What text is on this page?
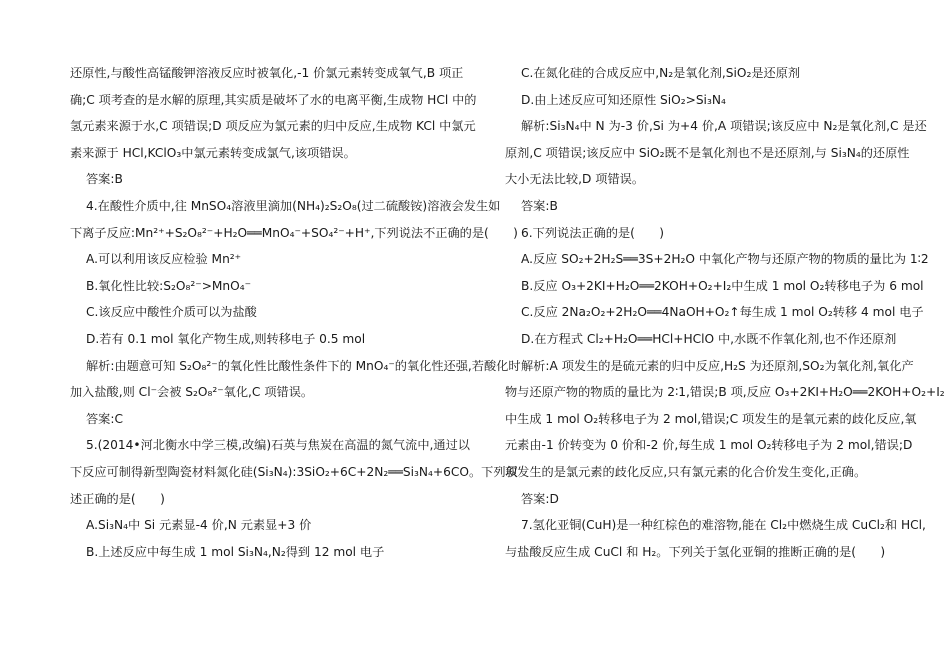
还原性,与酸性高锰酸钾溶液反应时被氧化,-1 价氯元素转变成氧气,B 项正
确;C 项考查的是水解的原理,其实质是破坏了水的电离平衡,生成物 HCl 中的
氢元素来源于水,C 项错误;D 项反应为氯元素的归中反应,生成物 KCl 中氯元
素来源于 HCl,KClO₃中氯元素转变成氯气,该项错误。
答案:B
4.在酸性介质中,往 MnSO₄溶液里滴加(NH₄)₂S₂O₈(过二硫酸铵)溶液会发生如
下离子反应:Mn²⁺+S₂O₈²⁻+H₂O══MnO₄⁻+SO₄²⁻+H⁺,下列说法不正确的是(　　)
A.可以利用该反应检验 Mn²⁺
B.氧化性比较:S₂O₈²⁻>MnO₄⁻
C.该反应中酸性介质可以为盐酸
D.若有 0.1 mol 氧化产物生成,则转移电子 0.5 mol
解析:由题意可知 S₂O₈²⁻的氧化性比酸性条件下的 MnO₄⁻的氧化性还强,若酸化时
加入盐酸,则 Cl⁻会被 S₂O₈²⁻氧化,C 项错误。
答案:C
5.(2014•河北衡水中学三模,改编)石英与焦炭在高温的氮气流中,通过以
下反应可制得新型陶瓷材料氮化硅(Si₃N₄):3SiO₂+6C+2N₂══Si₃N₄+6CO。下列叙
述正确的是(　　)
A.Si₃N₄中 Si 元素显-4 价,N 元素显+3 价
B.上述反应中每生成 1 mol Si₃N₄,N₂得到 12 mol 电子
C.在氮化硅的合成反应中,N₂是氧化剂,SiO₂是还原剂
D.由上述反应可知还原性 SiO₂>Si₃N₄
解析:Si₃N₄中 N 为-3 价,Si 为+4 价,A 项错误;该反应中 N₂是氧化剂,C 是还
原剂,C 项错误;该反应中 SiO₂既不是氧化剂也不是还原剂,与 Si₃N₄的还原性
大小无法比较,D 项错误。
答案:B
6.下列说法正确的是(　　)
A.反应 SO₂+2H₂S══3S+2H₂O 中氧化产物与还原产物的物质的量比为 1∶2
B.反应 O₃+2KI+H₂O══2KOH+O₂+I₂中生成 1 mol O₂转移电子为 6 mol
C.反应 2Na₂O₂+2H₂O══4NaOH+O₂↑每生成 1 mol O₂转移 4 mol 电子
D.在方程式 Cl₂+H₂O══HCl+HClO 中,水既不作氧化剂,也不作还原剂
解析:A 项发生的是硫元素的归中反应,H₂S 为还原剂,SO₂为氧化剂,氧化产
物与还原产物的物质的量比为 2∶1,错误;B 项,反应 O₃+2KI+H₂O══2KOH+O₂+I₂
中生成 1 mol O₂转移电子为 2 mol,错误;C 项发生的是氧元素的歧化反应,氧
元素由-1 价转变为 0 价和-2 价,每生成 1 mol O₂转移电子为 2 mol,错误;D
项发生的是氯元素的歧化反应,只有氯元素的化合价发生变化,正确。
答案:D
7.氢化亚铜(CuH)是一种红棕色的难溶物,能在 Cl₂中燃烧生成 CuCl₂和 HCl,
与盐酸反应生成 CuCl 和 H₂。下列关于氢化亚铜的推断正确的是(　　)
